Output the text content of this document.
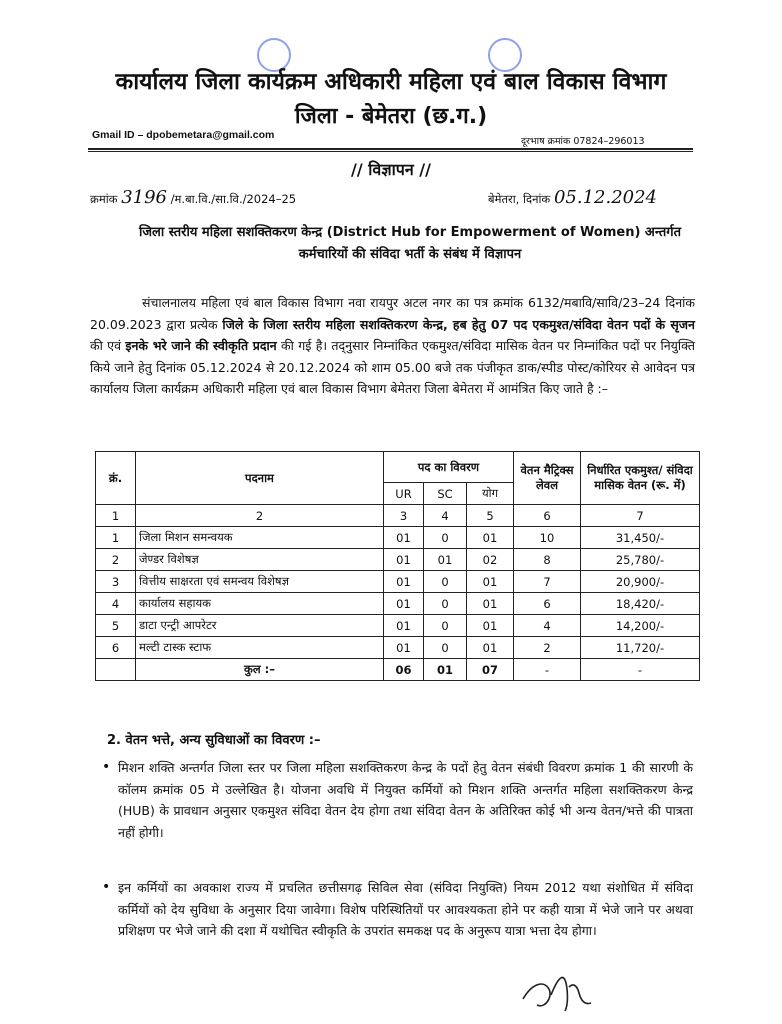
कार्यालय जिला कार्यक्रम अधिकारी महिला एवं बाल विकास विभाग
जिला - बेमेतरा (छ.ग.)
Gmail ID – dpobemetara@gmail.com
दूरभाष क्रमांक 07824–296013
// विज्ञापन //
क्रमांक 3196 /म.बा.वि./सा.वि./2024–25	बेमेतरा, दिनांक 05.12.2024
जिला स्तरीय महिला सशक्तिकरण केन्द्र (District Hub for Empowerment of Women) अन्तर्गत
कर्मचारियों की संविदा भर्ती के संबंध में विज्ञापन
संचालनालय महिला एवं बाल विकास विभाग नवा रायपुर अटल नगर का पत्र क्रमांक 6132/मबावि/सावि/23–24 दिनांक 20.09.2023 द्वारा प्रत्येक जिले के जिला स्तरीय महिला सशक्तिकरण केन्द्र, हब हेतु 07 पद एकमुश्त/संविदा वेतन पदों के सृजन की एवं इनके भरे जाने की स्वीकृति प्रदान की गई है। तद्नुसार निम्नांकित एकमुश्त/संविदा मासिक वेतन पर निम्नांकित पदों पर नियुक्ति किये जाने हेतु दिनांक 05.12.2024 से 20.12.2024 को शाम 05.00 बजे तक पंजीकृत डाक/स्पीड पोस्ट/कोरियर से आवेदन पत्र कार्यालय जिला कार्यक्रम अधिकारी महिला एवं बाल विकास विभाग बेमेतरा जिला बेमेतरा में आमंत्रित किए जाते है :–
क्रं.	पदनाम	पद का विवरण			वेतन मैट्रिक्स लेवल	निर्धारित एकमुश्त/ संविदा मासिक वेतन (रू. में)
		UR	SC	योग		
1	2	3	4	5	6	7
1	जिला मिशन समन्वयक	01	0	01	10	31,450/-
2	जेण्डर विशेषज्ञ	01	01	02	8	25,780/-
3	वित्तीय साक्षरता एवं समन्वय विशेषज्ञ	01	0	01	7	20,900/-
4	कार्यालय सहायक	01	0	01	6	18,420/-
5	डाटा एन्ट्री आपरेटर	01	0	01	4	14,200/-
6	मल्टी टास्क स्टाफ	01	0	01	2	11,720/-
	कुल :–	06	01	07	-	-
2. वेतन भत्ते, अन्य सुविधाओं का विवरण :–
• मिशन शक्ति अन्तर्गत जिला स्तर पर जिला महिला सशक्तिकरण केन्द्र के पदों हेतु वेतन संबंधी विवरण क्रमांक 1 की सारणी के कॉलम क्रमांक 05 मे उल्लेखित है। योजना अवधि में नियुक्त कर्मियों को मिशन शक्ति अन्तर्गत महिला सशक्तिकरण केन्द्र (HUB) के प्रावधान अनुसार एकमुश्त संविदा वेतन देय होगा तथा संविदा वेतन के अतिरिक्त कोई भी अन्य वेतन/भत्ते की पात्रता नहीं होगी।
• इन कर्मियों का अवकाश राज्य में प्रचलित छत्तीसगढ़ सिविल सेवा (संविदा नियुक्ति) नियम 2012 यथा संशोधित में संविदा कर्मियों को देय सुविधा के अनुसार दिया जावेगा। विशेष परिस्थितियों पर आवश्यकता होने पर कही यात्रा में भेजे जाने पर अथवा प्रशिक्षण पर भेजे जाने की दशा में यथोचित स्वीकृति के उपरांत समकक्ष पद के अनुरूप यात्रा भत्ता देय होगा।
